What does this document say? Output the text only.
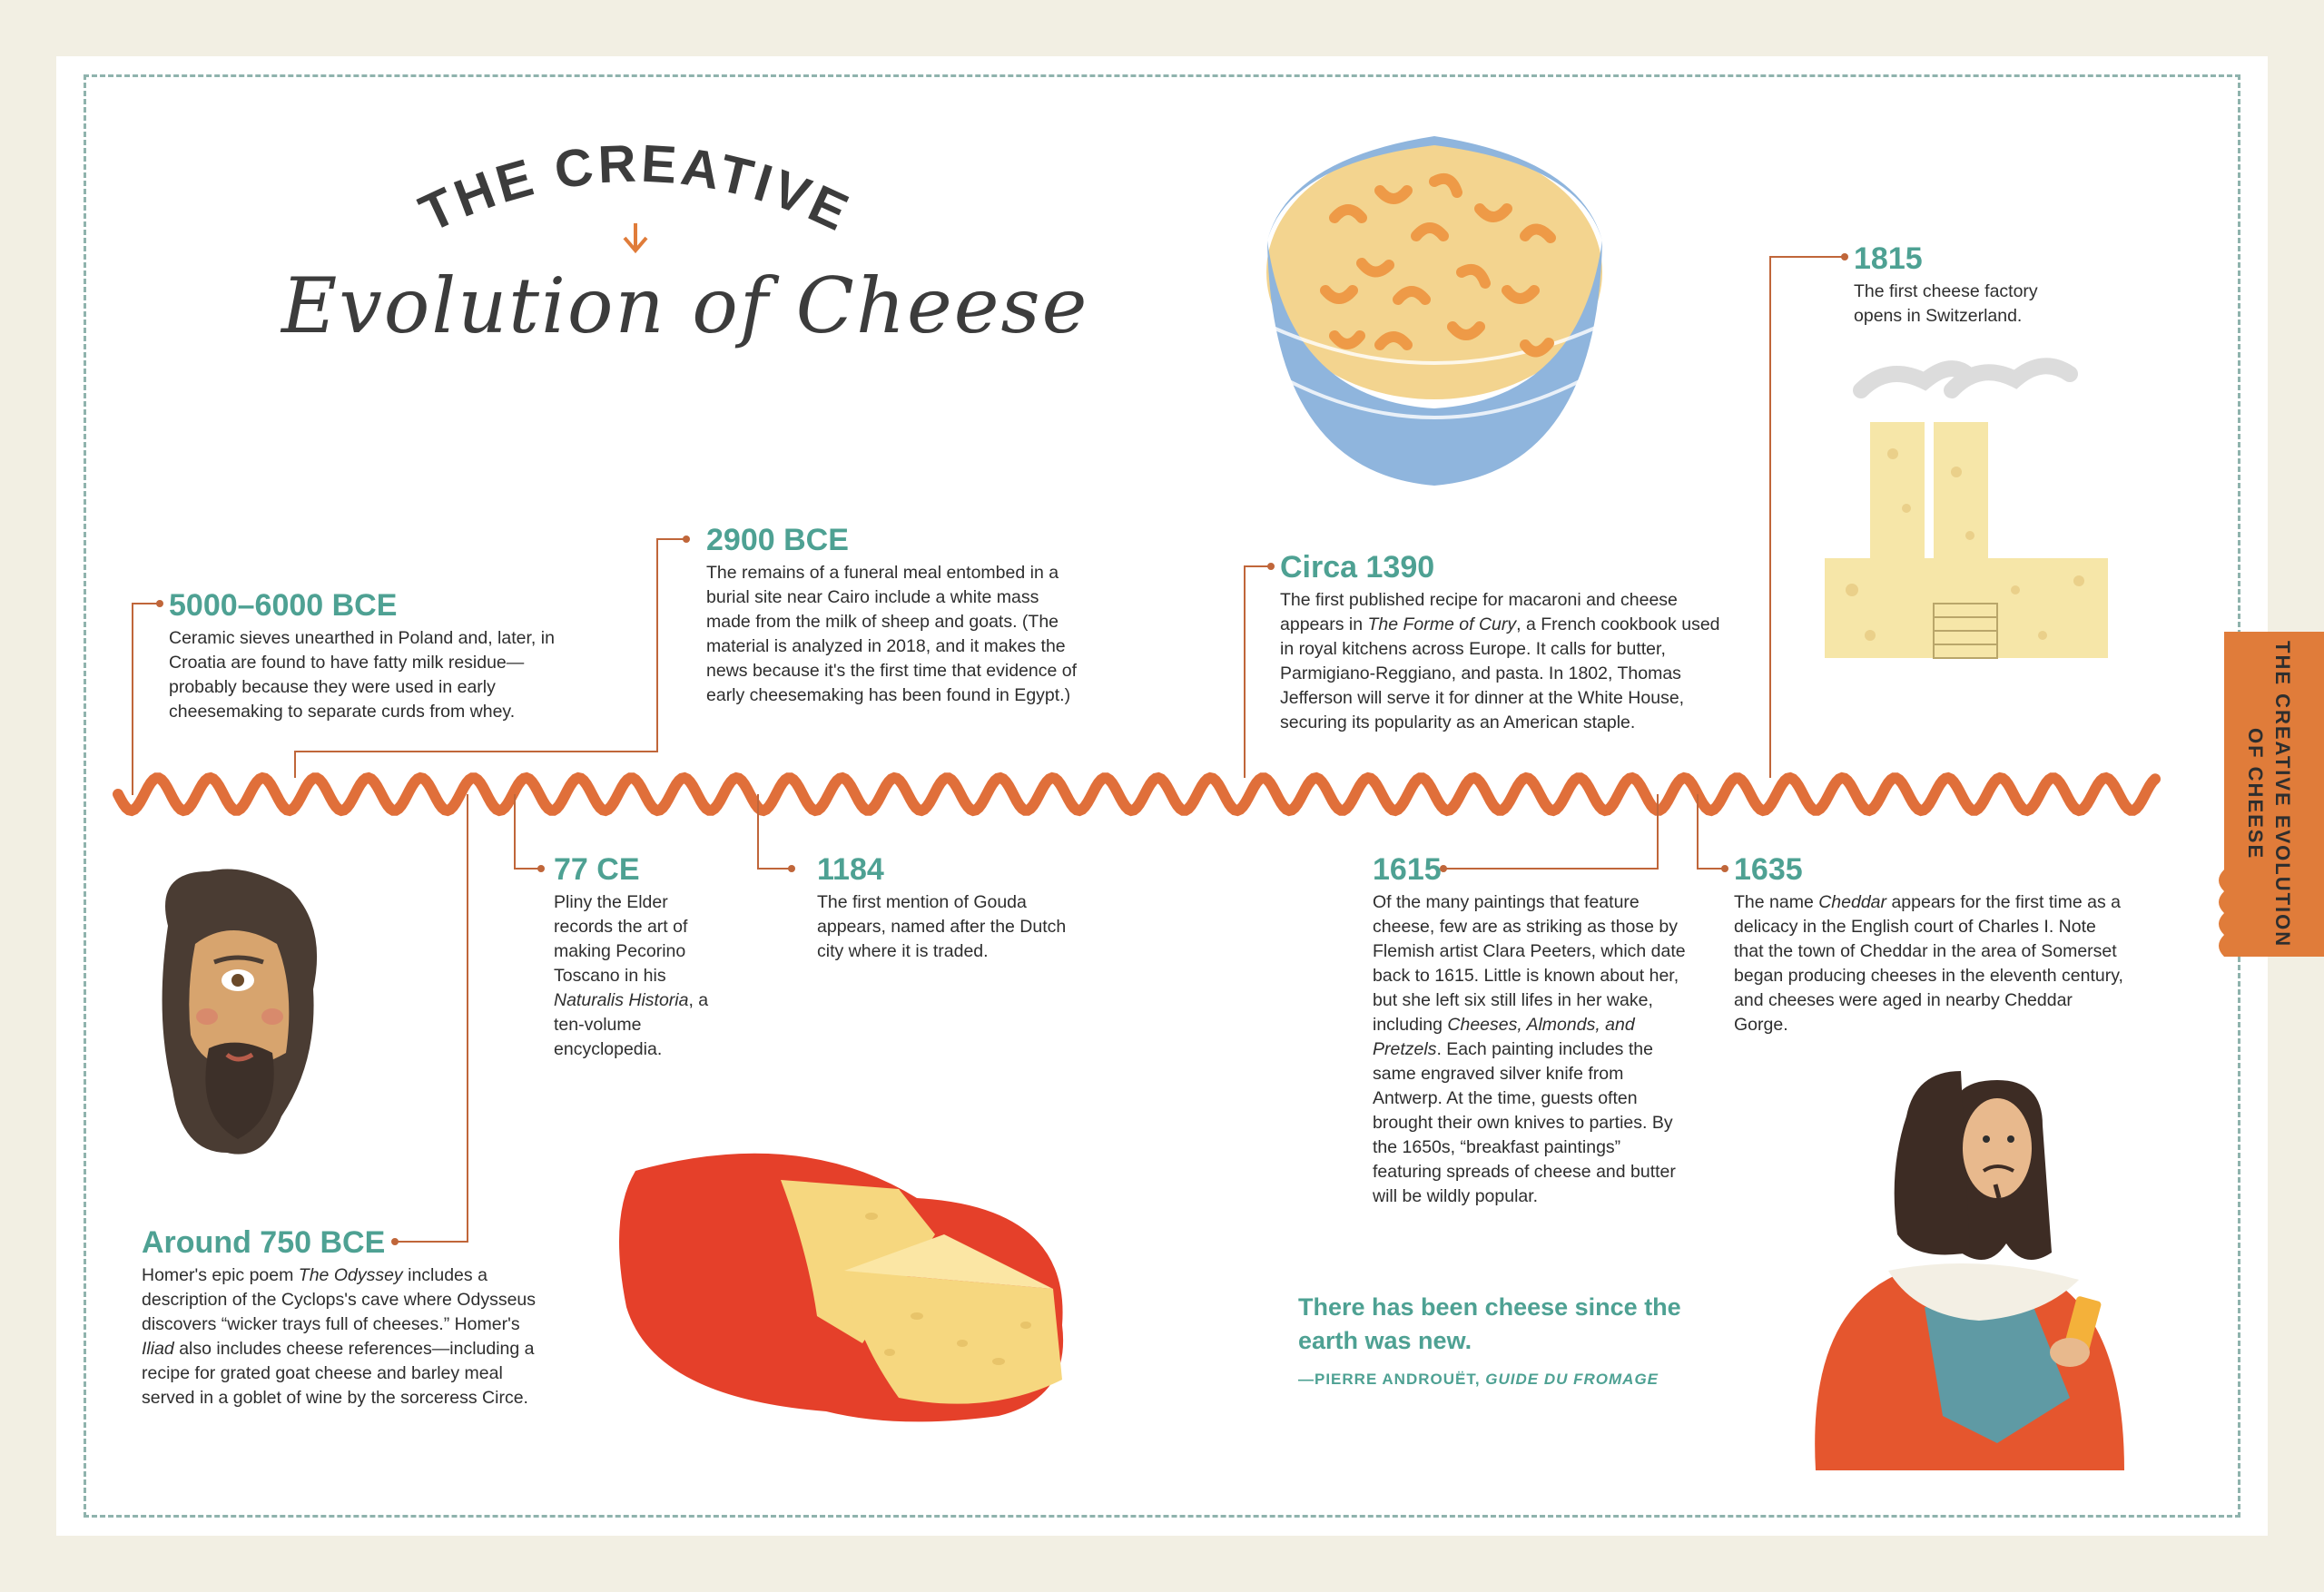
THE CREATIVE
Evolution of Cheese
5000–6000 BCE
Ceramic sieves unearthed in Poland and, later, in Croatia are found to have fatty milk residue—probably because they were used in early cheesemaking to separate curds from whey.
2900 BCE
The remains of a funeral meal entombed in a burial site near Cairo include a white mass made from the milk of sheep and goats. (The material is analyzed in 2018, and it makes the news because it's the first time that evidence of early cheesemaking has been found in Egypt.)
Around 750 BCE
Homer's epic poem The Odyssey includes a description of the Cyclops's cave where Odysseus discovers “wicker trays full of cheeses.” Homer's Iliad also includes cheese references—including a recipe for grated goat cheese and barley meal served in a goblet of wine by the sorceress Circe.
77 CE
Pliny the Elder records the art of making Pecorino Toscano in his Naturalis Historia, a ten-volume encyclopedia.
1184
The first mention of Gouda appears, named after the Dutch city where it is traded.
Circa 1390
The first published recipe for macaroni and cheese appears in The Forme of Cury, a French cookbook used in royal kitchens across Europe. It calls for butter, Parmigiano-Reggiano, and pasta. In 1802, Thomas Jefferson will serve it for dinner at the White House, securing its popularity as an American staple.
1615
Of the many paintings that feature cheese, few are as striking as those by Flemish artist Clara Peeters, which date back to 1615. Little is known about her, but she left six still lifes in her wake, including Cheeses, Almonds, and Pretzels. Each painting includes the same engraved silver knife from Antwerp. At the time, guests often brought their own knives to parties. By the 1650s, “breakfast paintings” featuring spreads of cheese and butter will be wildly popular.
1635
The name Cheddar appears for the first time as a delicacy in the English court of Charles I. Note that the town of Cheddar in the area of Somerset began producing cheeses in the eleventh century, and cheeses were aged in nearby Cheddar Gorge.
1815
The first cheese factory opens in Switzerland.
There has been cheese since the earth was new.
—PIERRE ANDROUËT, GUIDE DU FROMAGE
THE CREATIVE EVOLUTION OF CHEESE
